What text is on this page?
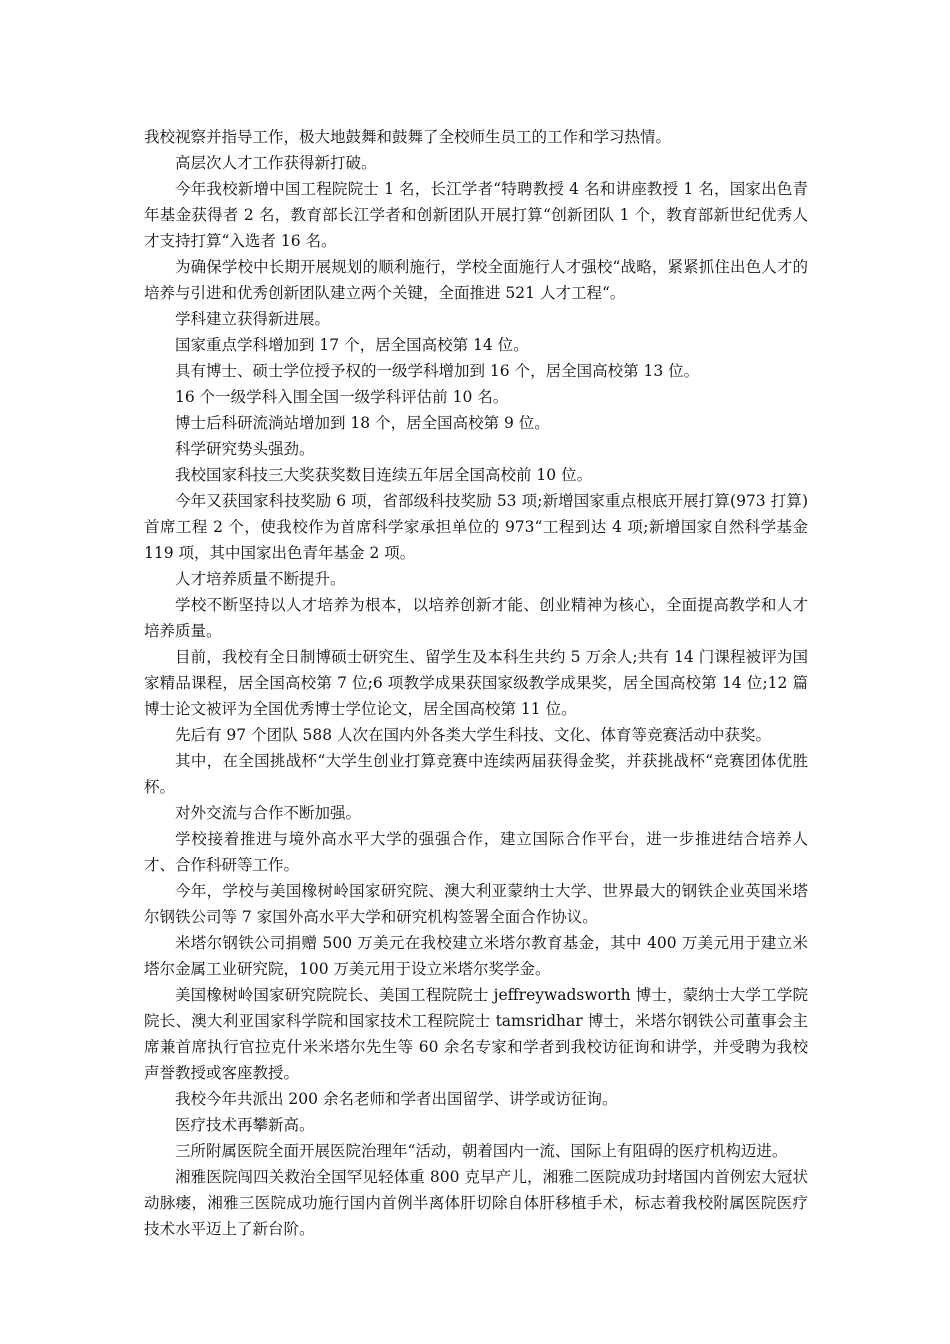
我校视察并指导工作，极大地鼓舞和鼓舞了全校师生员工的工作和学习热情。

高层次人才工作获得新打破。

今年我校新增中国工程院院士 1 名，长江学者“特聘教授 4 名和讲座教授 1 名，国家出色青年基金获得者 2 名，教育部长江学者和创新团队开展打算“创新团队 1 个，教育部新世纪优秀人才支持打算“入选者 16 名。

为确保学校中长期开展规划的顺利施行，学校全面施行人才强校“战略，紧紧抓住出色人才的培养与引进和优秀创新团队建立两个关键，全面推进 521 人才工程“。

学科建立获得新进展。

国家重点学科增加到 17 个，居全国高校第 14 位。

具有博士、硕士学位授予权的一级学科增加到 16 个，居全国高校第 13 位。

16 个一级学科入围全国一级学科评估前 10 名。

博士后科研流淌站增加到 18 个，居全国高校第 9 位。

科学研究势头强劲。

我校国家科技三大奖获奖数目连续五年居全国高校前 10 位。

今年又获国家科技奖励 6 项，省部级科技奖励 53 项;新增国家重点根底开展打算(973 打算)首席工程 2 个，使我校作为首席科学家承担单位的 973“工程到达 4 项;新增国家自然科学基金 119 项，其中国家出色青年基金 2 项。

人才培养质量不断提升。

学校不断坚持以人才培养为根本，以培养创新才能、创业精神为核心，全面提高教学和人才培养质量。

目前，我校有全日制博硕士研究生、留学生及本科生共约 5 万余人;共有 14 门课程被评为国家精品课程，居全国高校第 7 位;6 项教学成果获国家级教学成果奖，居全国高校第 14 位;12 篇博士论文被评为全国优秀博士学位论文，居全国高校第 11 位。

先后有 97 个团队 588 人次在国内外各类大学生科技、文化、体育等竞赛活动中获奖。

其中，在全国挑战杯“大学生创业打算竞赛中连续两届获得金奖，并获挑战杯“竞赛团体优胜杯。

对外交流与合作不断加强。

学校接着推进与境外高水平大学的强强合作，建立国际合作平台，进一步推进结合培养人才、合作科研等工作。

今年，学校与美国橡树岭国家研究院、澳大利亚蒙纳士大学、世界最大的钢铁企业英国米塔尔钢铁公司等 7 家国外高水平大学和研究机构签署全面合作协议。

米塔尔钢铁公司捐赠 500 万美元在我校建立米塔尔教育基金，其中 400 万美元用于建立米塔尔金属工业研究院，100 万美元用于设立米塔尔奖学金。

美国橡树岭国家研究院院长、美国工程院院士 jeffreywadsworth 博士，蒙纳士大学工学院院长、澳大利亚国家科学院和国家技术工程院院士 tamsridhar 博士，米塔尔钢铁公司董事会主席兼首席执行官拉克什米米塔尔先生等 60 余名专家和学者到我校访征询和讲学，并受聘为我校声誉教授或客座教授。

我校今年共派出 200 余名老师和学者出国留学、讲学或访征询。

医疗技术再攀新高。

三所附属医院全面开展医院治理年“活动，朝着国内一流、国际上有阻碍的医疗机构迈进。

湘雅医院闯四关救治全国罕见轻体重 800 克早产儿，湘雅二医院成功封堵国内首例宏大冠状动脉瘘，湘雅三医院成功施行国内首例半离体肝切除自体肝移植手术，标志着我校附属医院医疗技术水平迈上了新台阶。
